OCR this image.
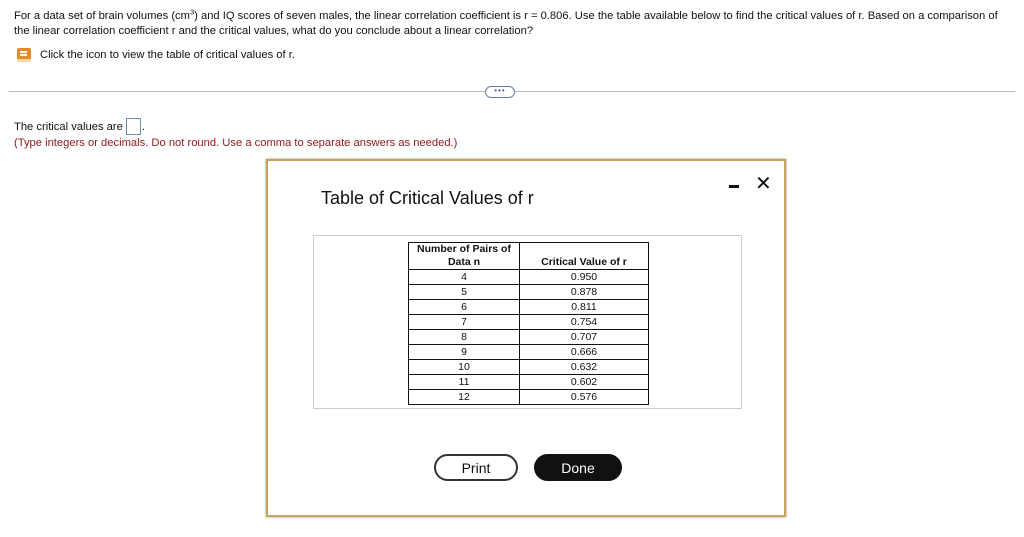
For a data set of brain volumes $(cm^3)$ and IQ scores of seven males, the linear correlation coefficient is r = 0.806. Use the table available below to find the critical values of r. Based on a comparison of the linear correlation coefficient r and the critical values, what do you conclude about a linear correlation?
Click the icon to view the table of critical values of r.
•••
The critical values are .
(Type integers or decimals. Do not round. Use a comma to separate answers as needed.)
Table of Critical Values of r
✕
Number of Pairs of Data n	Critical Value of r
4	0.950
5	0.878
6	0.811
7	0.754
8	0.707
9	0.666
10	0.632
11	0.602
12	0.576
Print	Done
